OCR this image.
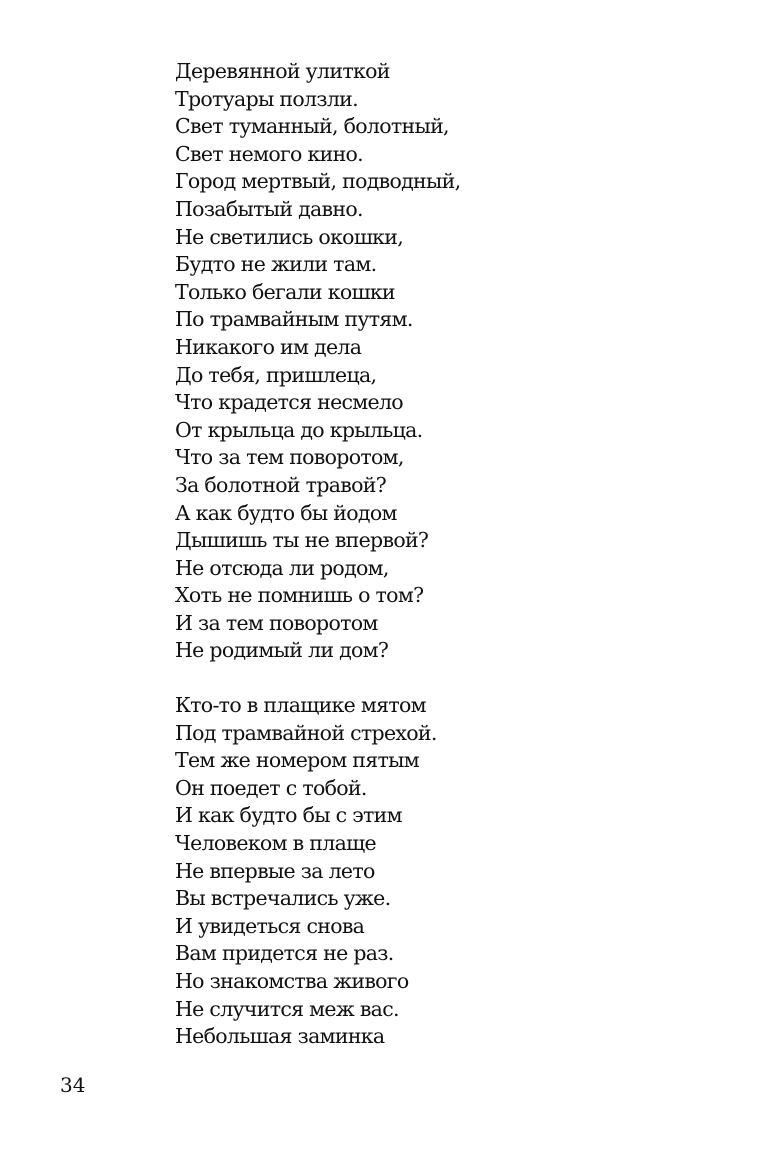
Деревянной улиткой
Тротуары ползли.
Свет туманный, болотный,
Свет немого кино.
Город мертвый, подводный,
Позабытый давно.
Не светились окошки,
Будто не жили там.
Только бегали кошки
По трамвайным путям.
Никакого им дела
До тебя, пришлеца,
Что крадется несмело
От крыльца до крыльца.
Что за тем поворотом,
За болотной травой?
А как будто бы йодом
Дышишь ты не впервой?
Не отсюда ли родом,
Хоть не помнишь о том?
И за тем поворотом
Не родимый ли дом?
Кто-то в плащике мятом
Под трамвайной стрехой.
Тем же номером пятым
Он поедет с тобой.
И как будто бы с этим
Человеком в плаще
Не впервые за лето
Вы встречались уже.
И увидеться снова
Вам придется не раз.
Но знакомства живого
Не случится меж вас.
Небольшая заминка
34
